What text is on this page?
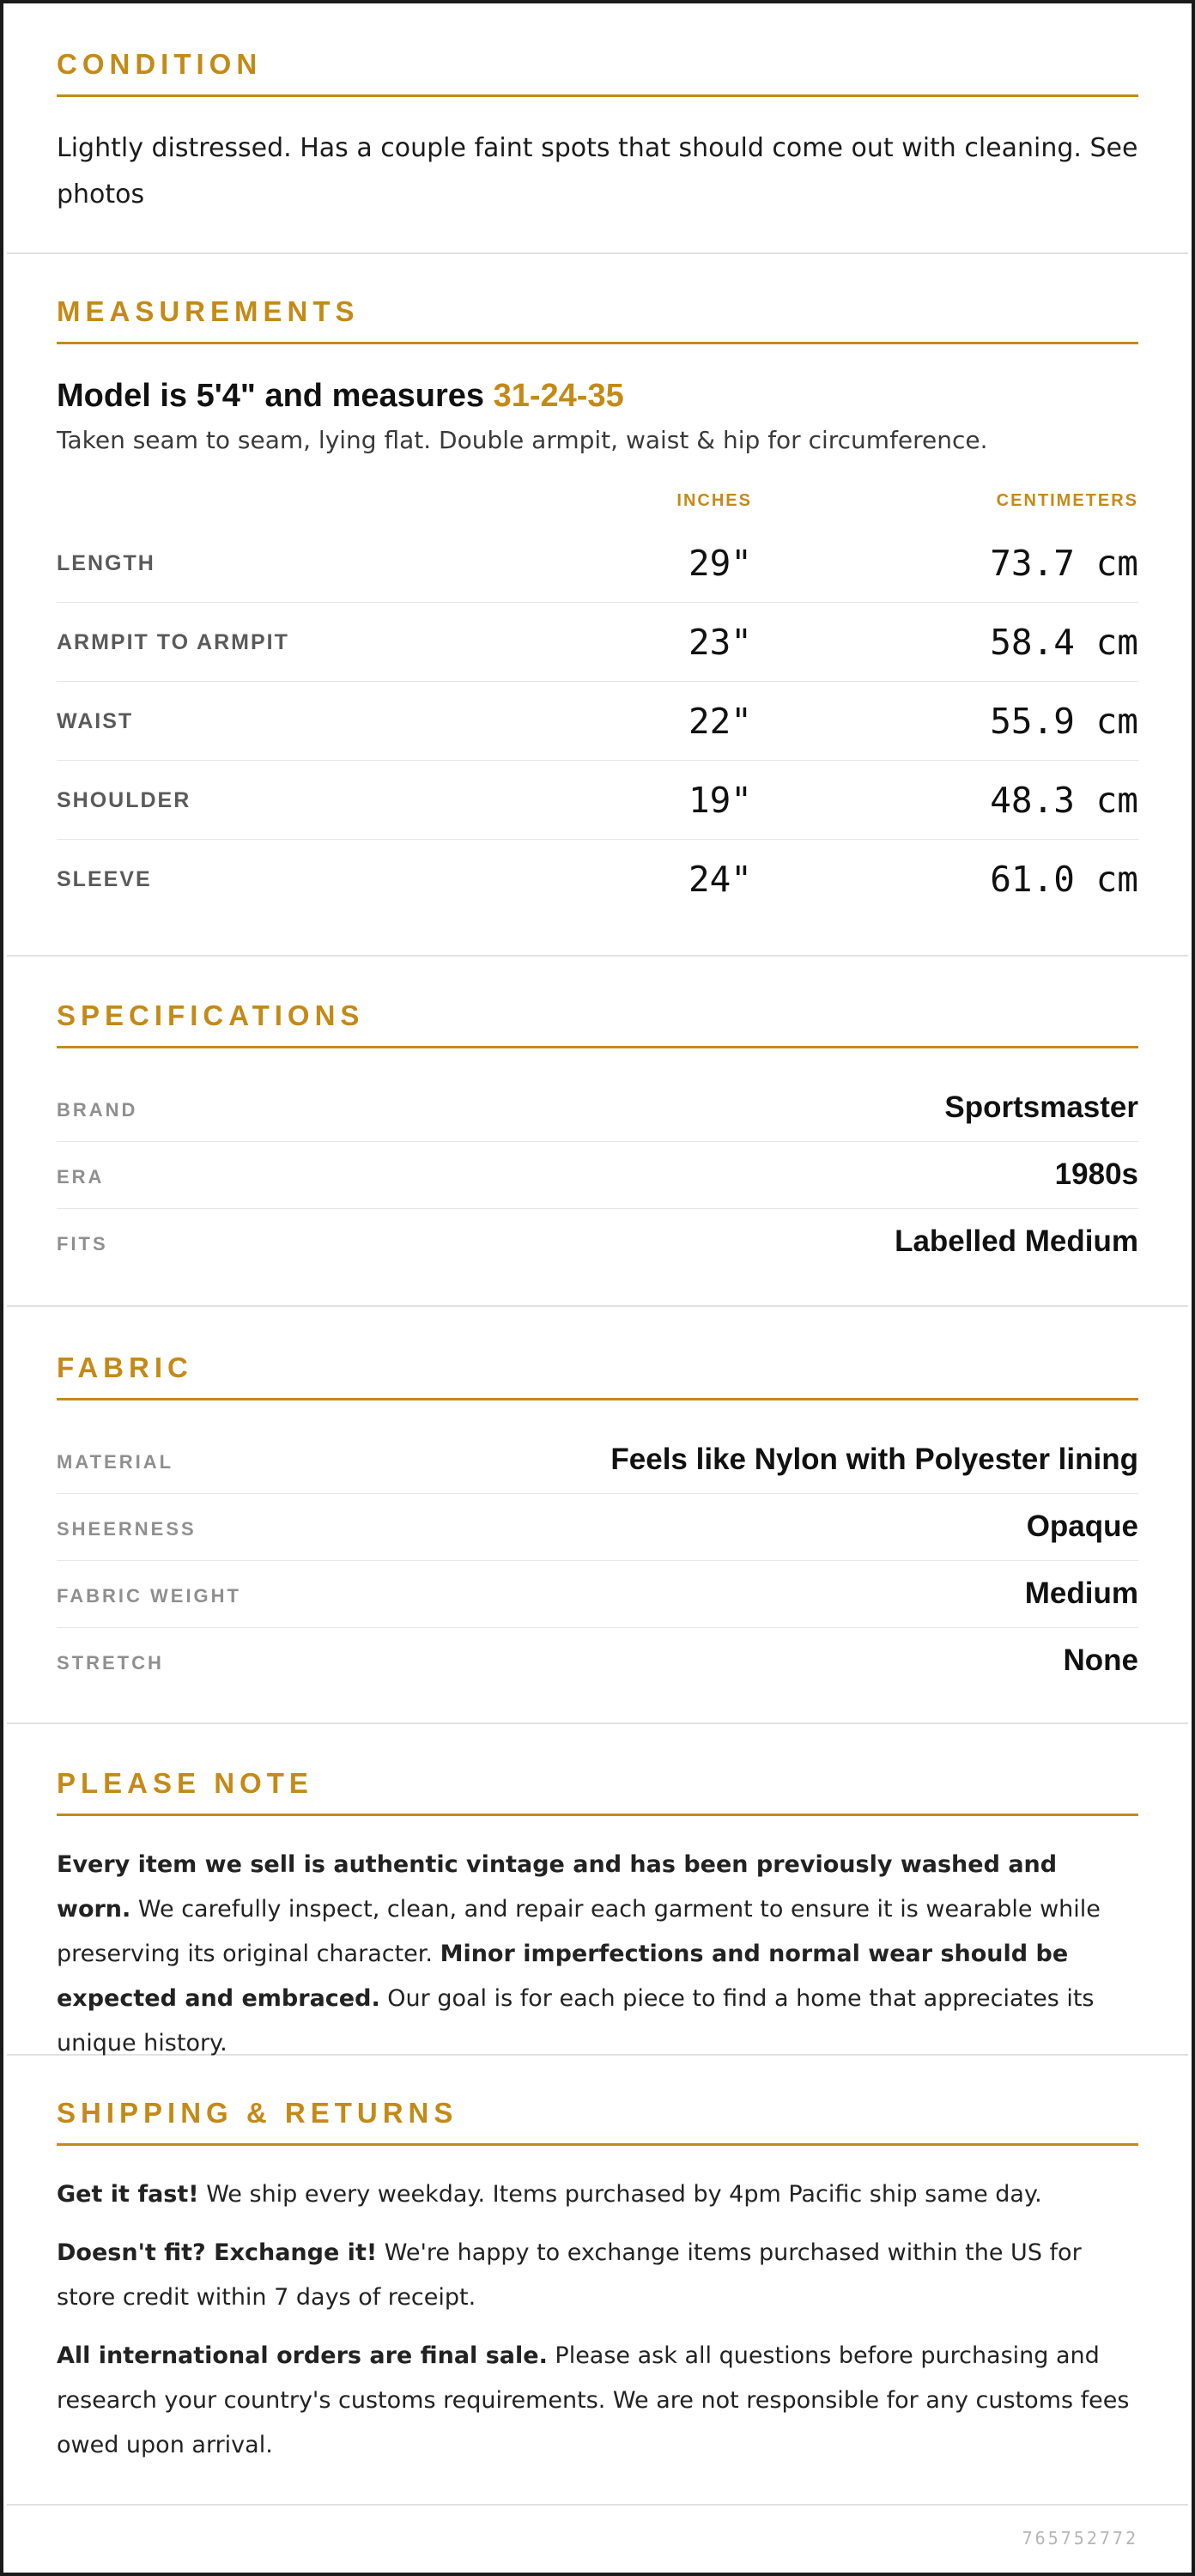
CONDITION
Lightly distressed. Has a couple faint spots that should come out with cleaning. See photos
MEASUREMENTS
Model is 5'4" and measures 31-24-35
Taken seam to seam, lying flat. Double armpit, waist & hip for circumference.
INCHES	CENTIMETERS
LENGTH	29"	73.7 cm
ARMPIT TO ARMPIT	23"	58.4 cm
WAIST	22"	55.9 cm
SHOULDER	19"	48.3 cm
SLEEVE	24"	61.0 cm
SPECIFICATIONS
BRAND	Sportsmaster
ERA	1980s
FITS	Labelled Medium
FABRIC
MATERIAL	Feels like Nylon with Polyester lining
SHEERNESS	Opaque
FABRIC WEIGHT	Medium
STRETCH	None
PLEASE NOTE
Every item we sell is authentic vintage and has been previously washed and worn. We carefully inspect, clean, and repair each garment to ensure it is wearable while preserving its original character. Minor imperfections and normal wear should be expected and embraced. Our goal is for each piece to find a home that appreciates its unique history.
SHIPPING & RETURNS
Get it fast! We ship every weekday. Items purchased by 4pm Pacific ship same day.
Doesn't fit? Exchange it! We're happy to exchange items purchased within the US for store credit within 7 days of receipt.
All international orders are final sale. Please ask all questions before purchasing and research your country's customs requirements. We are not responsible for any customs fees owed upon arrival.
765752772
